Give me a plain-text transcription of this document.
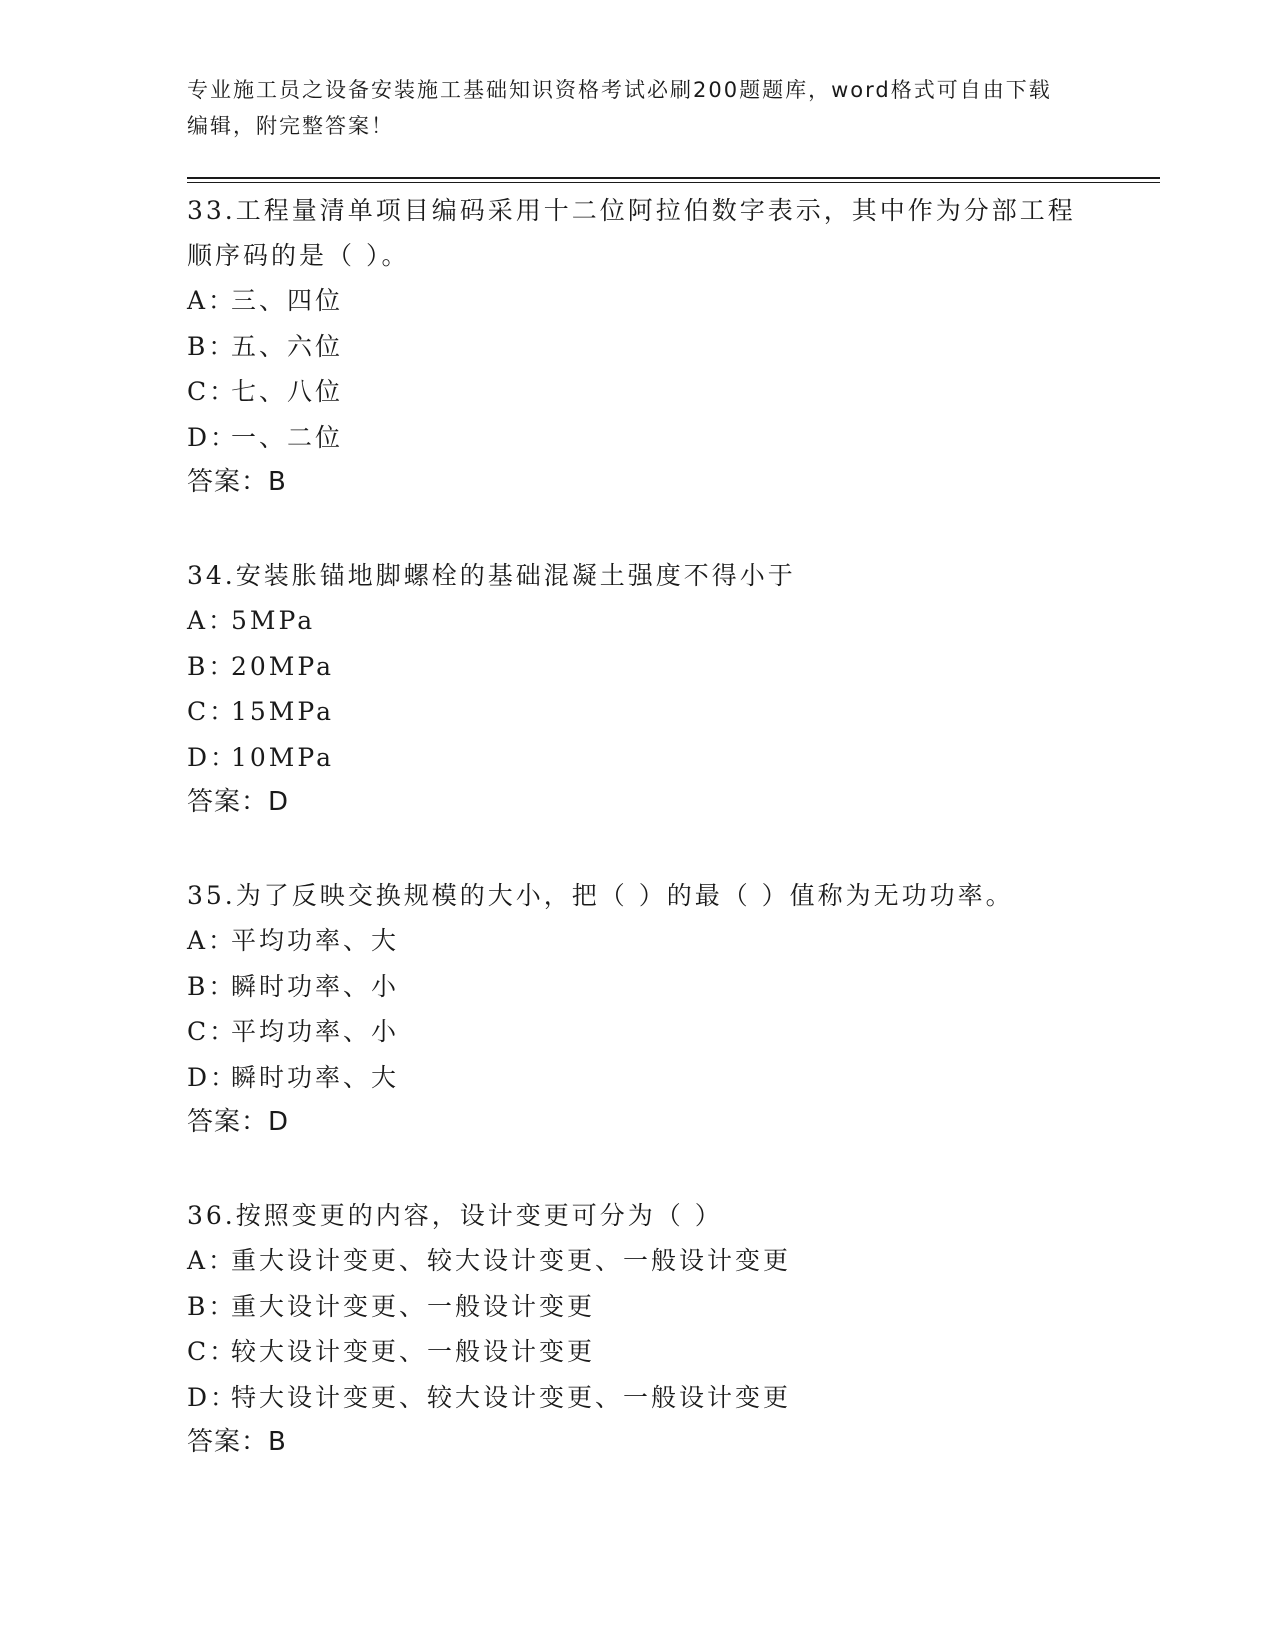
专业施工员之设备安装施工基础知识资格考试必刷200题题库，word格式可自由下载编辑，附完整答案！

33.工程量清单项目编码采用十二位阿拉伯数字表示，其中作为分部工程顺序码的是（ ）。

A：三、四位
B：五、六位
C：七、八位
D：一、二位
答案：B

34.安装胀锚地脚螺栓的基础混凝土强度不得小于

A：5MPa
B：20MPa
C：15MPa
D：10MPa
答案：D

35.为了反映交换规模的大小，把（ ）的最（ ）值称为无功功率。

A：平均功率、大
B：瞬时功率、小
C：平均功率、小
D：瞬时功率、大
答案：D

36.按照变更的内容，设计变更可分为（ ）

A：重大设计变更、较大设计变更、一般设计变更
B：重大设计变更、一般设计变更
C：较大设计变更、一般设计变更
D：特大设计变更、较大设计变更、一般设计变更
答案：B
